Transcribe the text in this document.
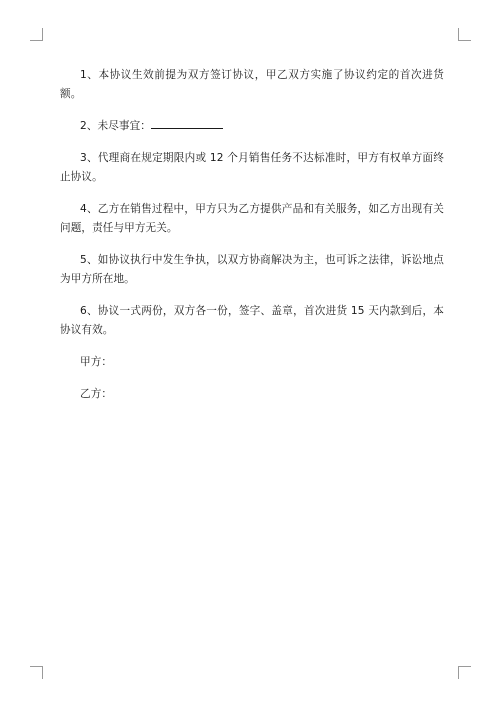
1、本协议生效前提为双方签订协议，甲乙双方实施了协议约定的首次进货额。

2、未尽事宜：

3、代理商在规定期限内或 12 个月销售任务不达标准时，甲方有权单方面终止协议。

4、乙方在销售过程中，甲方只为乙方提供产品和有关服务，如乙方出现有关问题，责任与甲方无关。

5、如协议执行中发生争执，以双方协商解决为主，也可诉之法律，诉讼地点为甲方所在地。

6、协议一式两份，双方各一份，签字、盖章，首次进货 15 天内款到后，本协议有效。

甲方：

乙方：
